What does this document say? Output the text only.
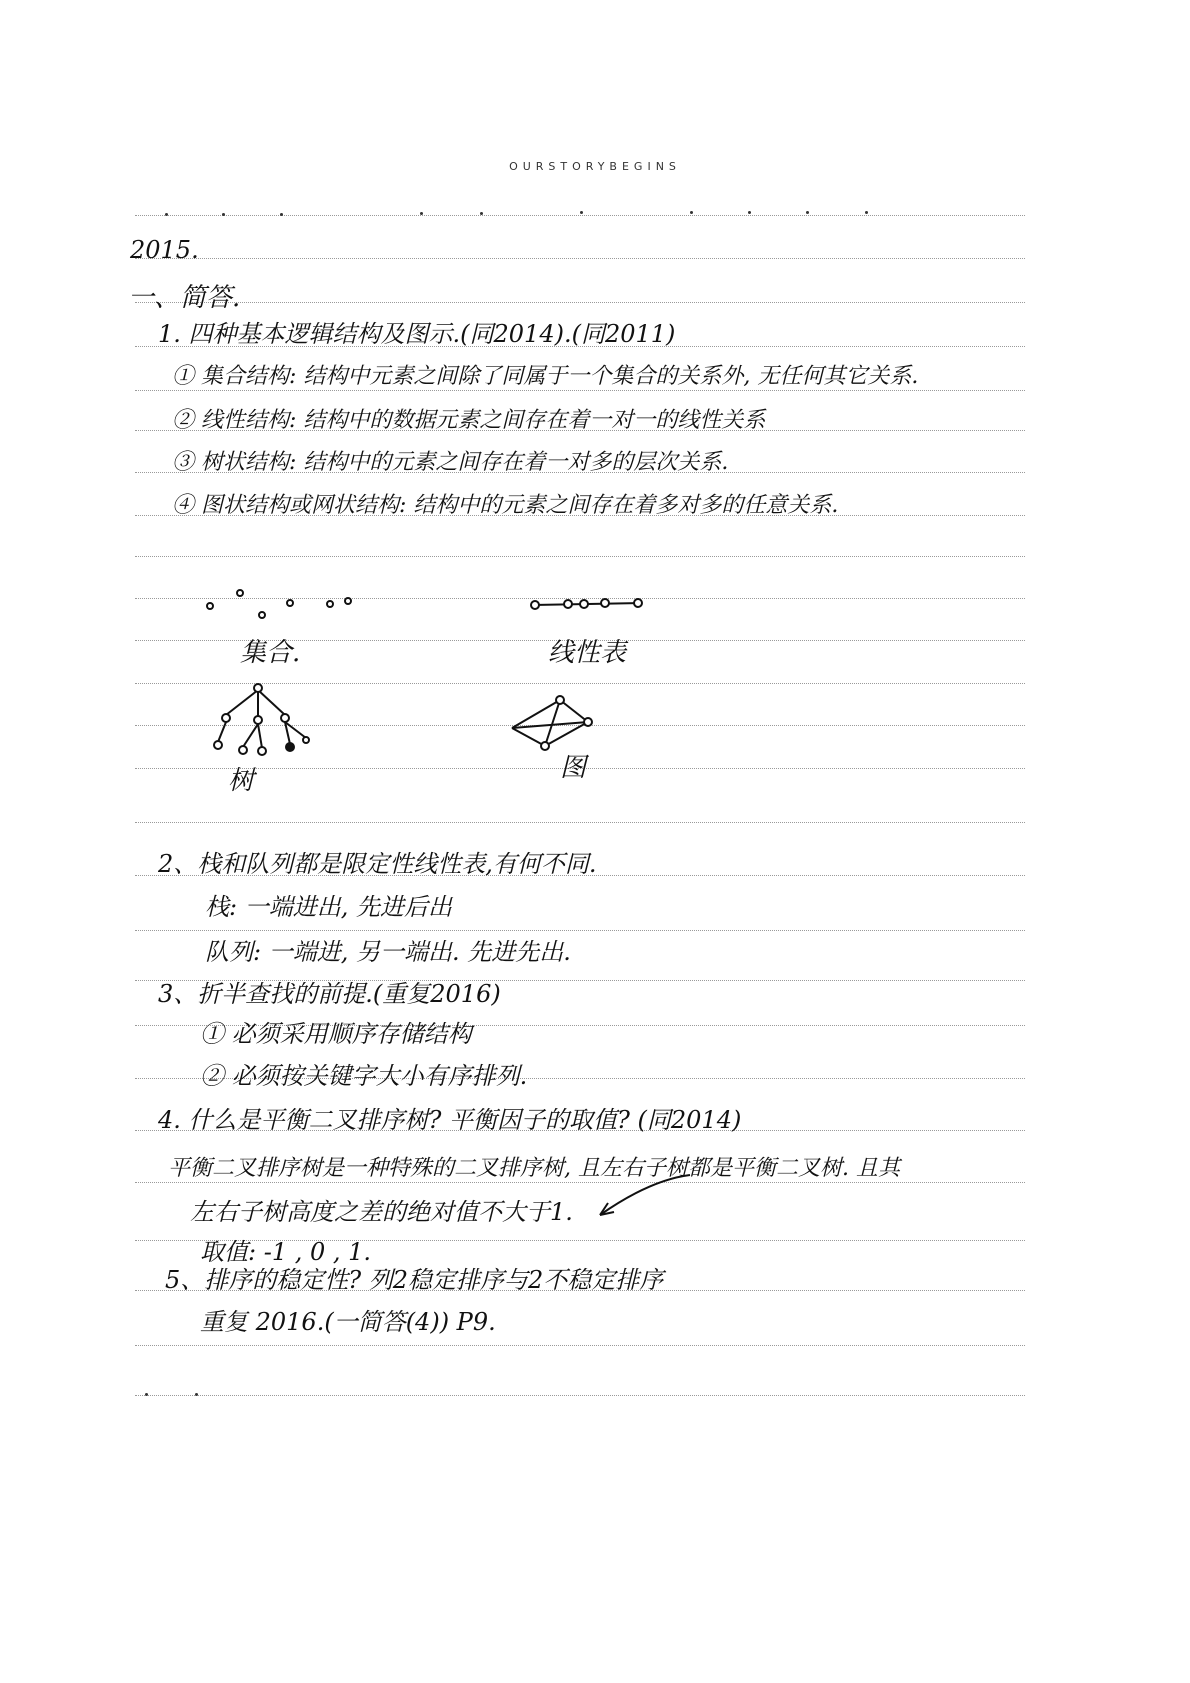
OURSTORYBEGINS
2015.
一、简答.
1. 四种基本逻辑结构及图示.(同2014).(同2011)
① 集合结构: 结构中元素之间除了同属于一个集合的关系外, 无任何其它关系.
② 线性结构: 结构中的数据元素之间存在着一对一的线性关系
③ 树状结构: 结构中的元素之间存在着一对多的层次关系.
④ 图状结构或网状结构: 结构中的元素之间存在着多对多的任意关系.
集合.	线性表
树	图
2、栈和队列都是限定性线性表,有何不同.
栈: 一端进出, 先进后出
队列: 一端进, 另一端出. 先进先出.
3、折半查找的前提.(重复2016)
① 必须采用顺序存储结构
② 必须按关键字大小有序排列.
4. 什么是平衡二叉排序树? 平衡因子的取值? (同2014)
平衡二叉排序树是一种特殊的二叉排序树, 且左右子树都是平衡二叉树. 且其
左右子树高度之差的绝对值不大于1.
取值: -1 , 0 , 1.
5、排序的稳定性? 列2稳定排序与2不稳定排序
重复 2016.(一简答(4)) P9.
